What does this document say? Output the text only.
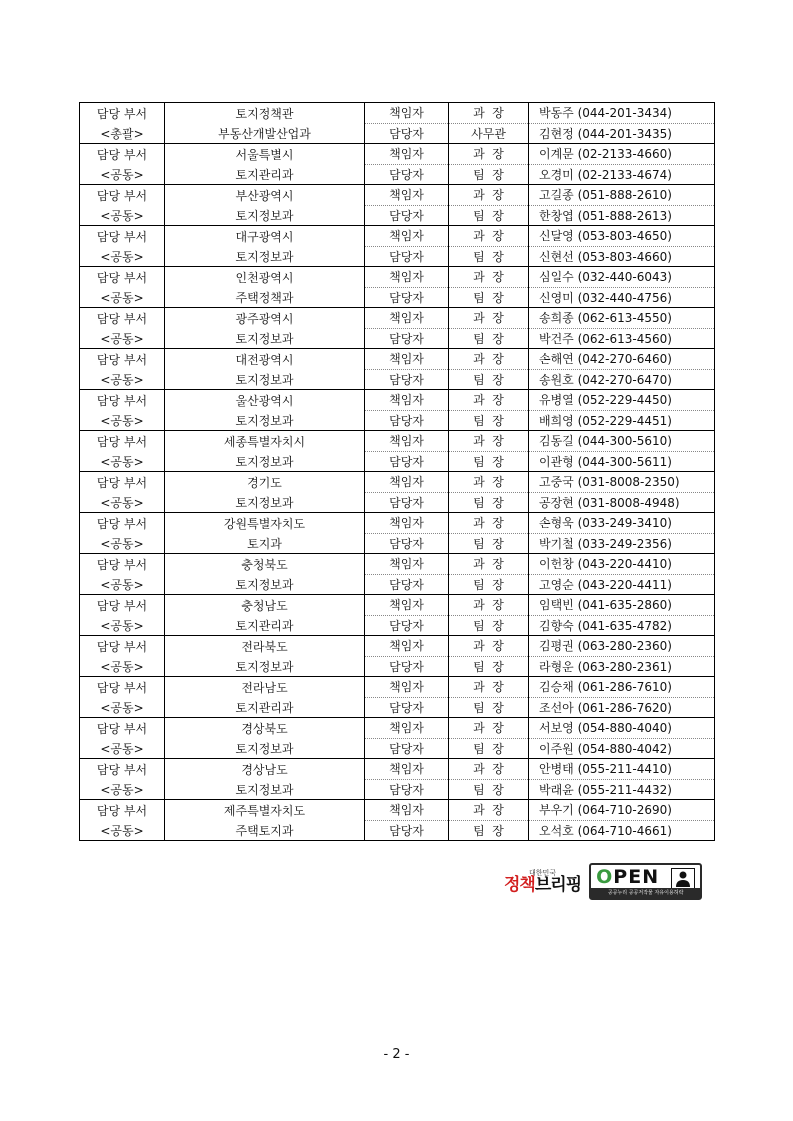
담당 부서	토지정책관	책임자	과  장	박동주 (044-201-3434)
<총괄>	부동산개발산업과	담당자	사무관	김현정 (044-201-3435)
담당 부서	서울특별시	책임자	과  장	이계문 (02-2133-4660)
<공동>	토지관리과	담당자	팀  장	오경미 (02-2133-4674)
담당 부서	부산광역시	책임자	과  장	고길종 (051-888-2610)
<공동>	토지정보과	담당자	팀  장	한창엽 (051-888-2613)
담당 부서	대구광역시	책임자	과  장	신달영 (053-803-4650)
<공동>	토지정보과	담당자	팀  장	신현선 (053-803-4660)
담당 부서	인천광역시	책임자	과  장	심일수 (032-440-6043)
<공동>	주택정책과	담당자	팀  장	신영미 (032-440-4756)
담당 부서	광주광역시	책임자	과  장	송희종 (062-613-4550)
<공동>	토지정보과	담당자	팀  장	박건주 (062-613-4560)
담당 부서	대전광역시	책임자	과  장	손해연 (042-270-6460)
<공동>	토지정보과	담당자	팀  장	송원호 (042-270-6470)
담당 부서	울산광역시	책임자	과  장	유병열 (052-229-4450)
<공동>	토지정보과	담당자	팀  장	배희영 (052-229-4451)
담당 부서	세종특별자치시	책임자	과  장	김동길 (044-300-5610)
<공동>	토지정보과	담당자	팀  장	이관형 (044-300-5611)
담당 부서	경기도	책임자	과  장	고중국 (031-8008-2350)
<공동>	토지정보과	담당자	팀  장	공장현 (031-8008-4948)
담당 부서	강원특별자치도	책임자	과  장	손형욱 (033-249-3410)
<공동>	토지과	담당자	팀  장	박기철 (033-249-2356)
담당 부서	충청북도	책임자	과  장	이헌창 (043-220-4410)
<공동>	토지정보과	담당자	팀  장	고영순 (043-220-4411)
담당 부서	충청남도	책임자	과  장	임택빈 (041-635-2860)
<공동>	토지관리과	담당자	팀  장	김향숙 (041-635-4782)
담당 부서	전라북도	책임자	과  장	김평권 (063-280-2360)
<공동>	토지정보과	담당자	팀  장	라형운 (063-280-2361)
담당 부서	전라남도	책임자	과  장	김승채 (061-286-7610)
<공동>	토지관리과	담당자	팀  장	조선아 (061-286-7620)
담당 부서	경상북도	책임자	과  장	서보영 (054-880-4040)
<공동>	토지정보과	담당자	팀  장	이주원 (054-880-4042)
담당 부서	경상남도	책임자	과  장	안병태 (055-211-4410)
<공동>	토지정보과	담당자	팀  장	박래윤 (055-211-4432)
담당 부서	제주특별자치도	책임자	과  장	부우기 (064-710-2690)
<공동>	주택토지과	담당자	팀  장	오석호 (064-710-4661)
대한민국
정책브리핑 OPEN
공공누리 공공저작물 자유이용허락
- 2 -
